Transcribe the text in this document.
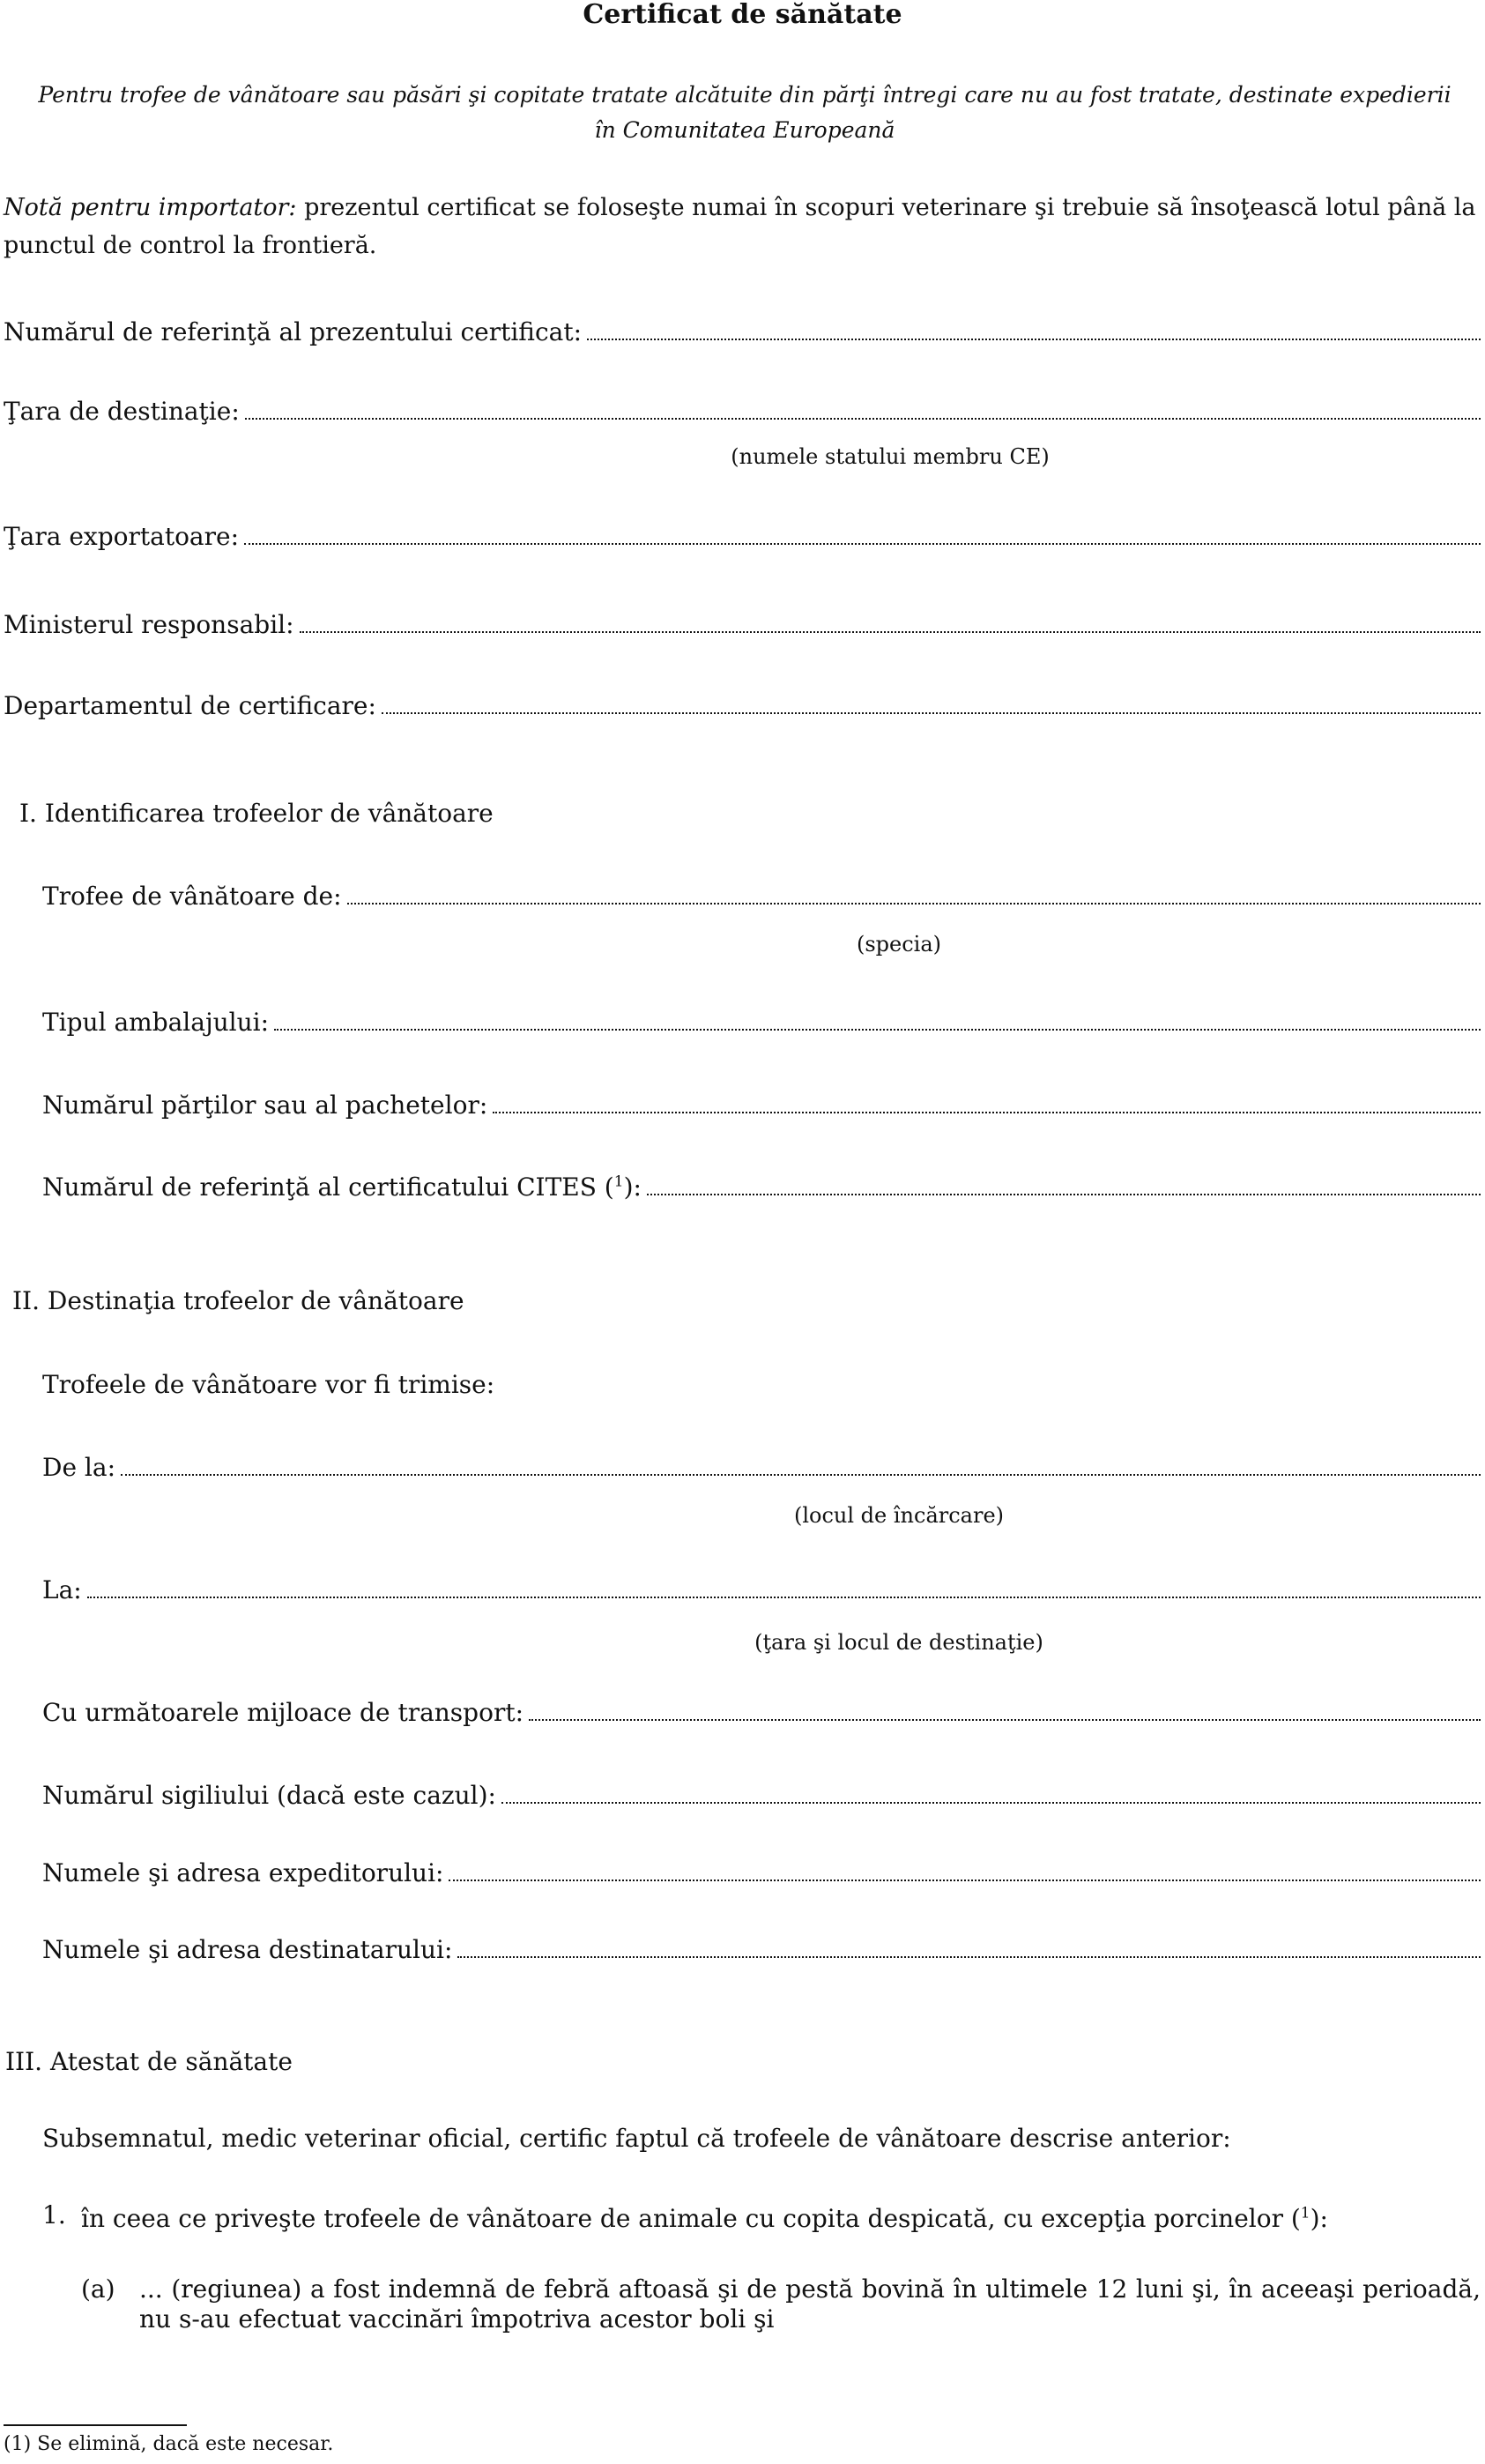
Certificat de sănătate
Pentru trofee de vânătoare sau păsări şi copitate tratate alcătuite din părţi întregi care nu au fost tratate, destinate expedierii în Comunitatea Europeană
Notă pentru importator: prezentul certificat se foloseşte numai în scopuri veterinare şi trebuie să însoţească lotul până la punctul de control la frontieră.
Numărul de referinţă al prezentului certificat:
Ţara de destinaţie:
(numele statului membru CE)
Ţara exportatoare:
Ministerul responsabil:
Departamentul de certificare:
I. Identificarea trofeelor de vânătoare
Trofee de vânătoare de:
(specia)
Tipul ambalajului:
Numărul părţilor sau al pachetelor:
Numărul de referinţă al certificatului CITES ($^1$):
II. Destinaţia trofeelor de vânătoare
Trofeele de vânătoare vor fi trimise:
De la:
(locul de încărcare)
La:
(ţara şi locul de destinaţie)
Cu următoarele mijloace de transport:
Numărul sigiliului (dacă este cazul):
Numele şi adresa expeditorului:
Numele şi adresa destinatarului:
III. Atestat de sănătate
Subsemnatul, medic veterinar oficial, certific faptul că trofeele de vânătoare descrise anterior:
1. în ceea ce priveşte trofeele de vânătoare de animale cu copita despicată, cu excepţia porcinelor ($^1$):
(a) ... (regiunea) a fost indemnă de febră aftoasă şi de pestă bovină în ultimele 12 luni şi, în aceeaşi perioadă, nu s-au efectuat vaccinări împotriva acestor boli şi
(1) Se elimină, dacă este necesar.
